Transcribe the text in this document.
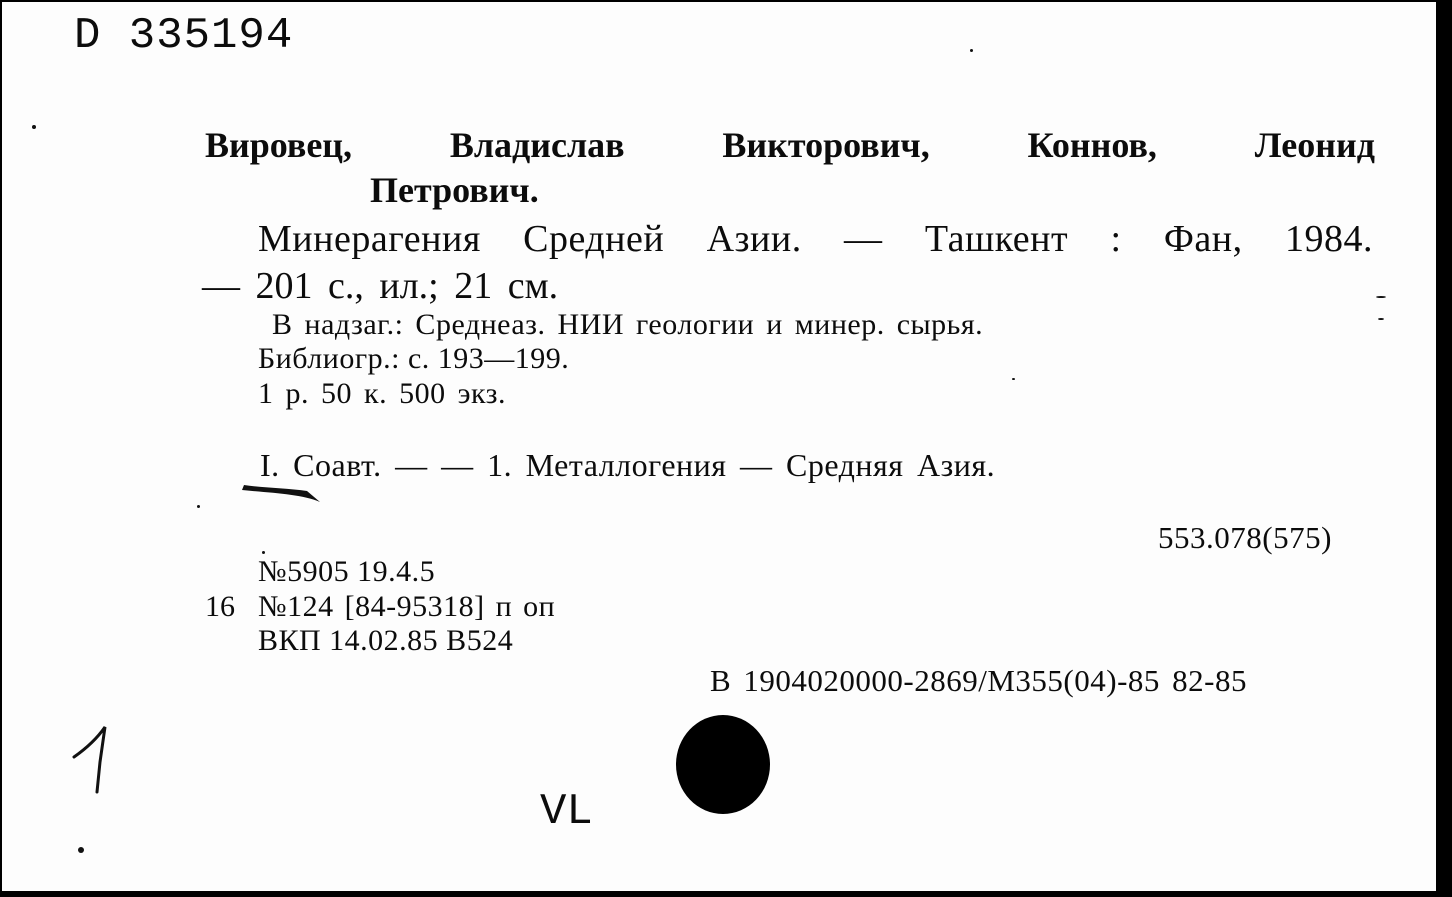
D 335194
Вировец,	Владислав	Викторович,	Коннов,	Леонид
Петрович.
Минерагения Средней Азии. — Ташкент : Фан, 1984.
— 201 с., ил.; 21 см.
В надзаг.: Среднеаз. НИИ геологии и минер. сырья.
Библиогр.: с. 193—199.
1 р. 50 к. 500 экз.
I. Соавт. — — 1. Металлогения — Средняя Азия.
553.078(575)
№5905 19.4.5
16 №124 [84-95318] п оп
ВКП 14.02.85 В524
В 1904020000-2869/М355(04)-85 82-85
VL
